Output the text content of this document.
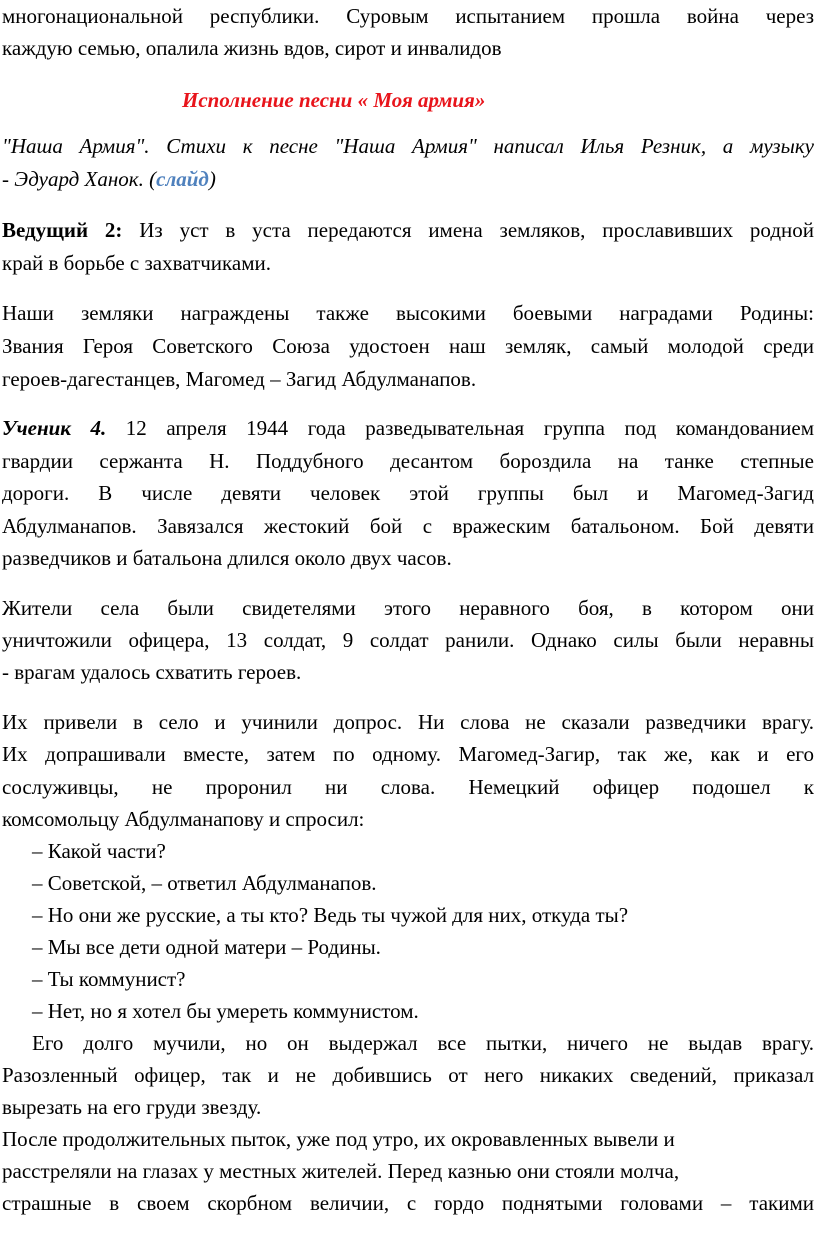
многонациональной республики. Суровым испытанием прошла война через
каждую семью, опалила жизнь вдов, сирот и инвалидов
Исполнение песни « Моя армия»
"Наша Армия". Стихи к песне "Наша Армия" написал Илья Резник, а музыку
- Эдуард Ханок. (слайд)
Ведущий 2: Из уст в уста передаются имена земляков, прославивших родной
край в борьбе с захватчиками.
Наши земляки награждены также высокими боевыми наградами Родины:
Звания Героя Советского Союза удостоен наш земляк, самый молодой среди
героев-дагестанцев, Магомед – Загид Абдулманапов.
Ученик 4. 12 апреля 1944 года разведывательная группа под командованием
гвардии сержанта Н. Поддубного десантом бороздила на танке степные
дороги. В числе девяти человек этой группы был и Магомед-Загид
Абдулманапов. Завязался жестокий бой с вражеским батальоном. Бой девяти
разведчиков и батальона длился около двух часов.
Жители села были свидетелями этого неравного боя, в котором они
уничтожили офицера, 13 солдат, 9 солдат ранили. Однако силы были неравны
- врагам удалось схватить героев.
Их привели в село и учинили допрос. Ни слова не сказали разведчики врагу.
Их допрашивали вместе, затем по одному. Магомед-Загир, так же, как и его
сослуживцы, не проронил ни слова. Немецкий офицер подошел к
комсомольцу Абдулманапову и спросил:
– Какой части?
– Советской, – ответил Абдулманапов.
– Но они же русские, а ты кто? Ведь ты чужой для них, откуда ты?
– Мы все дети одной матери – Родины.
– Ты коммунист?
– Нет, но я хотел бы умереть коммунистом.
Его долго мучили, но он выдержал все пытки, ничего не выдав врагу.
Разозленный офицер, так и не добившись от него никаких сведений, приказал
вырезать на его груди звезду.
После продолжительных пыток, уже под утро, их окровавленных вывели и
расстреляли на глазах у местных жителей. Перед казнью они стояли молча,
страшные в своем скорбном величии, с гордо поднятыми головами – такими
